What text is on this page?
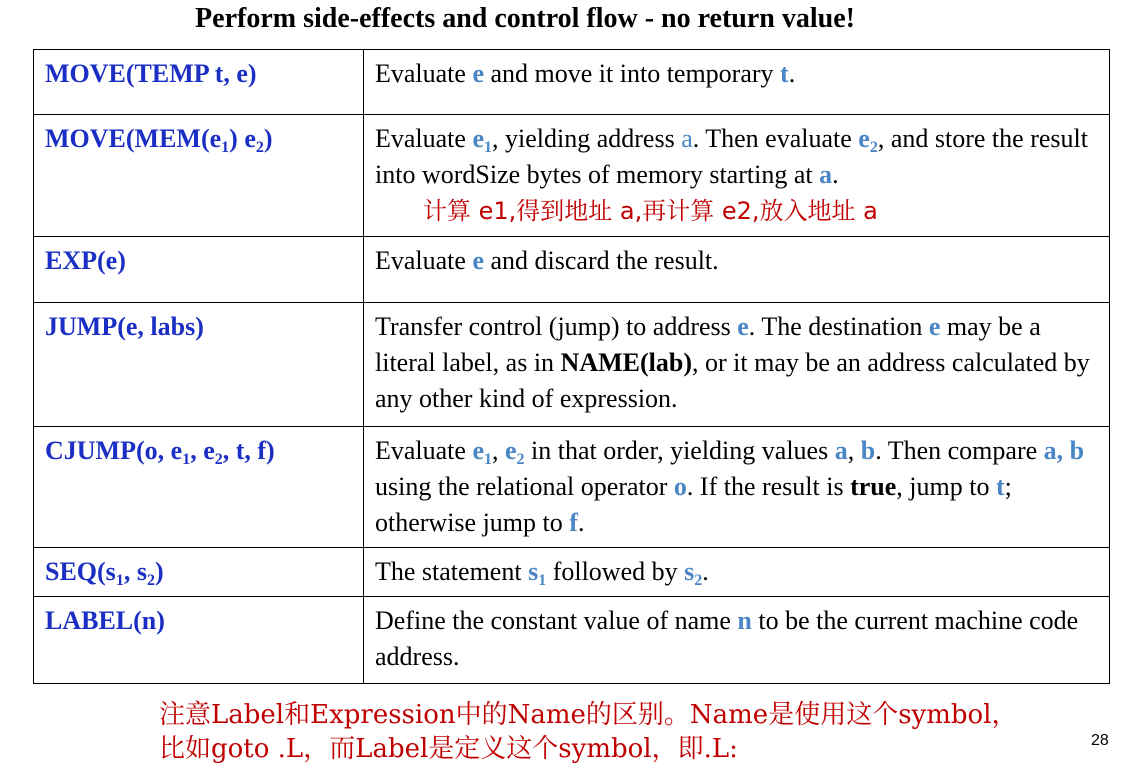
Perform side-effects and control flow - no return value!
MOVE(TEMP t, e)	Evaluate e and move it into temporary t.
$MOVE(MEM(e_1)$ $e_2$)	Evaluate $e_1$, yielding address a. Then evaluate $e_2$, and store the result into wordSize bytes of memory starting at a.
计算 e1,得到地址 a,再计算 e2,放入地址 a

EXP(e)	Evaluate e and discard the result.
JUMP(e, labs)	Transfer control (jump) to address e. The destination e may be a literal label, as in NAME(lab), or it may be an address calculated by any other kind of expression.
CJUMP(o, $e_1$, $e_2$, t, f)	Evaluate $e_1$, $e_2$ in that order, yielding values a, b. Then compare a, b using the relational operator o. If the result is true, jump to t; otherwise jump to f.
$SEQ(s_1$, $s_2$)	The statement $s_1$ followed by $s_2$.
LABEL(n)	Define the constant value of name n to be the current machine code address.
注意Label和Expression中的Name的区别。Name是使用这个symbol，
比如goto .L，而Label是定义这个symbol，即.L:	28
